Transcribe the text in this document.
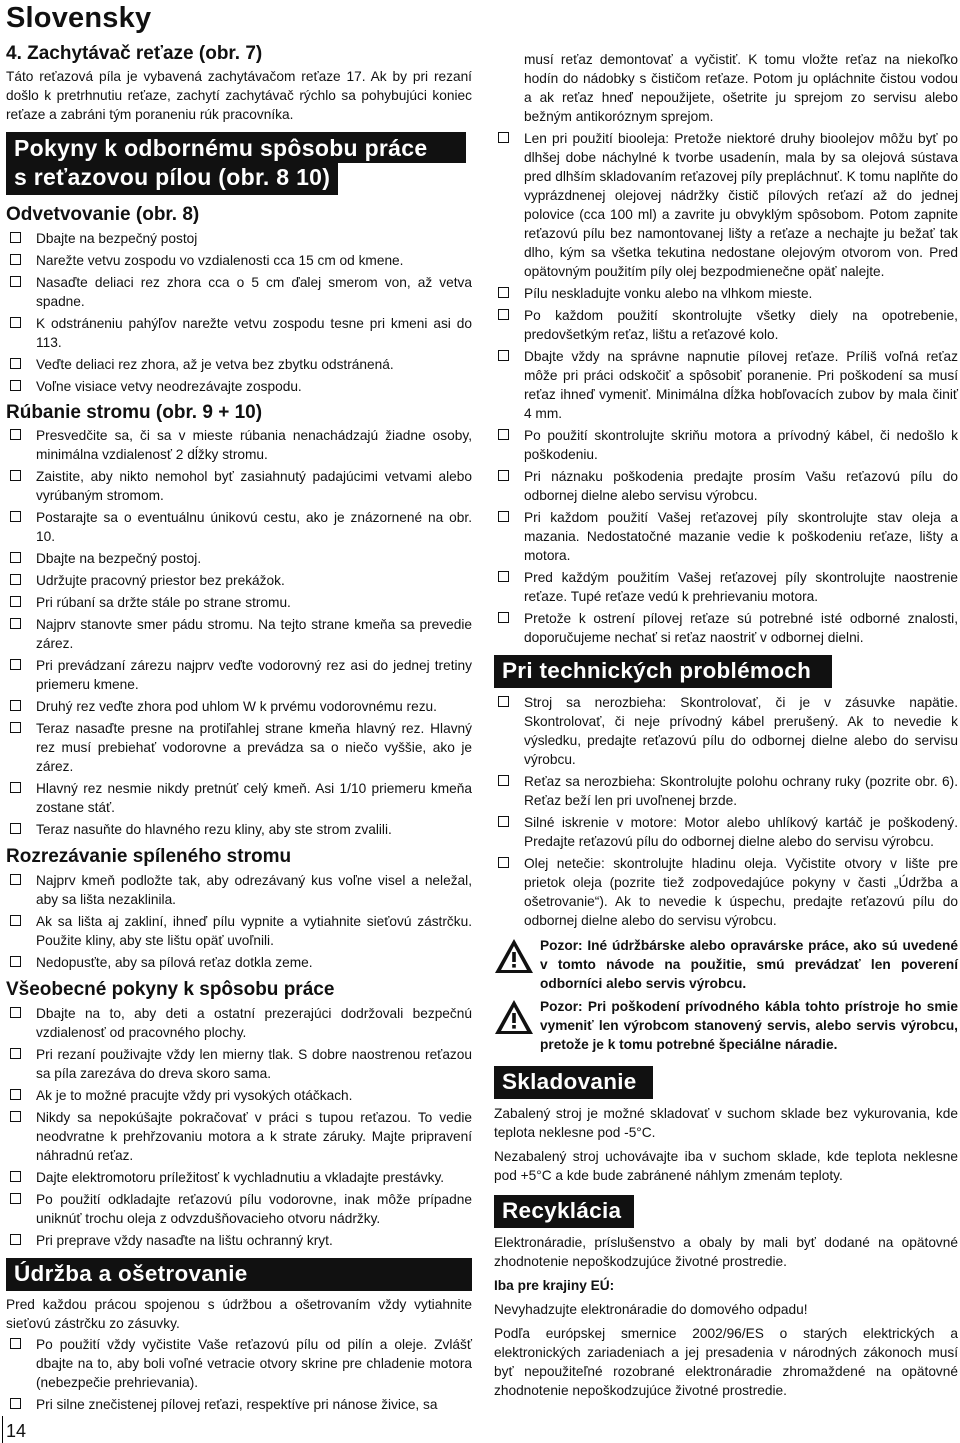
Slovensky
14
4. Zachytávač reťaze (obr. 7)
Táto reťazová píla je vybavená zachytávačom reťaze 17. Ak by pri rezaní došlo k pretrhnutiu reťaze, zachytí zachytávač rýchlo sa pohybujúci koniec reťaze a zabráni tým poraneniu rúk pracovníka.
Pokyny k odbornému spôsobu práce
s reťazovou pílou (obr. 8 10)
Odvetvovanie (obr. 8)
Dbajte na bezpečný postoj
Narežte vetvu zospodu vo vzdialenosti cca 15 cm od kmene.
Nasaďte deliaci rez zhora cca o 5 cm ďalej smerom von, až vetva spadne.
K odstráneniu pahýľov narežte vetvu zospodu tesne pri kmeni asi do 113.
Veďte deliaci rez zhora, až je vetva bez zbytku odstránená.
Voľne visiace vetvy neodrezávajte zospodu.
Rúbanie stromu (obr. 9 + 10)
Presvedčite sa, či sa v mieste rúbania nenachádzajú žiadne osoby, minimálna vzdialenosť 2 dĺžky stromu.
Zaistite, aby nikto nemohol byť zasiahnutý padajúcimi vetvami alebo vyrúbaným stromom.
Postarajte sa o eventuálnu únikovú cestu, ako je znázornené na obr. 10.
Dbajte na bezpečný postoj.
Udržujte pracovný priestor bez prekážok.
Pri rúbaní sa držte stále po strane stromu.
Najprv stanovte smer pádu stromu. Na tejto strane kmeňa sa prevedie zárez.
Pri prevádzaní zárezu najprv veďte vodorovný rez asi do jednej tretiny priemeru kmene.
Druhý rez veďte zhora pod uhlom W k prvému vodorovnému rezu.
Teraz nasaďte presne na protiľahlej strane kmeňa hlavný rez. Hlavný rez musí prebiehať vodorovne a prevádza sa o niečo vyššie, ako je zárez.
Hlavný rez nesmie nikdy pretnúť celý kmeň. Asi 1/10 priemeru kmeňa zostane stáť.
Teraz nasuňte do hlavného rezu kliny, aby ste strom zvalili.
Rozrezávanie spíleného stromu
Najprv kmeň podložte tak, aby odrezávaný kus voľne visel a neležal, aby sa lišta nezaklinila.
Ak sa lišta aj zakliní, ihneď pílu vypnite a vytiahnite sieťovú zástrčku. Použite kliny, aby ste lištu opäť uvoľnili.
Nedopusťte, aby sa pílová reťaz dotkla zeme.
Všeobecné pokyny k spôsobu práce
Dbajte na to, aby deti a ostatní prezerajúci dodržovali bezpečnú vzdialenosť od pracovného plochy.
Pri rezaní použivajte vždy len mierny tlak. S dobre naostrenou reťazou sa píla zarezáva do dreva skoro sama.
Ak je to možné pracujte vždy pri vysokých otáčkach.
Nikdy sa nepokúšajte pokračovať v práci s tupou reťazou. To vedie neodvratne k prehřzovaniu motora a k strate záruky. Majte pripravení náhradnú reťaz.
Dajte elektromotoru príležitosť k vychladnutiu a vkladajte prestávky.
Po použití odkladajte reťazovú pílu vodorovne, inak môže prípadne uniknúť trochu oleja z odvzdušňovacieho otvoru nádržky.
Pri preprave vždy nasaďte na lištu ochranný kryt.
Údržba a ošetrovanie
Pred každou prácou spojenou s údržbou a ošetrovaním vždy vytiahnite sieťovú zástrčku zo zásuvky.
Po použití vždy vyčistite Vaše reťazovú pílu od pilín a oleje. Zvlášť dbajte na to, aby boli voľné vetracie otvory skrine pre chladenie motora (nebezpečie prehrievania).
Pri silne znečistenej pílovej reťazi, respektíve pri nánose živice, sa
musí reťaz demontovať a vyčistiť. K tomu vložte reťaz na niekoľko hodín do nádobky s čističom reťaze. Potom ju opláchnite čistou vodou a ak reťaz hneď nepoužijete, ošetrite ju sprejom zo servisu alebo bežným antikoróznym sprejom.
Len pri použití biooleja: Pretože niektoré druhy bioolejov môžu byť po dlhšej dobe náchylné k tvorbe usadenín, mala by sa olejová sústava pred dlhším skladovaním reťazovej píly prepláchnuť. K tomu naplňte do vyprázdnenej olejovej nádržky čistič pílových reťazí až do jednej polovice (cca 100 ml) a zavrite ju obvyklým spôsobom. Potom zapnite reťazovú pílu bez namontovanej lišty a reťaze a nechajte ju bežať tak dlho, kým sa všetka tekutina nedostane olejovým otvorom von. Pred opätovným použitím píly olej bezpodmienečne opäť nalejte.
Pílu neskladujte vonku alebo na vlhkom mieste.
Po každom použití skontrolujte všetky diely na opotrebenie, predovšetkým reťaz, lištu a reťazové kolo.
Dbajte vždy na správne napnutie pílovej reťaze. Príliš voľná reťaz môže pri práci odskočiť a spôsobiť poranenie. Pri poškodení sa musí reťaz ihneď vymeniť. Minimálna dĺžka hobľovacích zubov by mala činiť 4 mm.
Po použití skontrolujte skriňu motora a prívodný kábel, či nedošlo k poškodeniu.
Pri náznaku poškodenia predajte prosím Vašu reťazovú pílu do odbornej dielne alebo servisu výrobcu.
Pri každom použití Vašej reťazovej píly skontrolujte stav oleja a mazania. Nedostatočné mazanie vedie k poškodeniu reťaze, lišty a motora.
Pred každým použitím Vašej reťazovej píly skontrolujte naostrenie reťaze. Tupé reťaze vedú k prehrievaniu motora.
Pretože k ostrení pílovej reťaze sú potrebné isté odborné znalosti, doporučujeme nechať si reťaz naostriť v odbornej dielni.
Pri technických problémoch
Stroj sa nerozbieha: Skontrolovať, či je v zásuvke napätie. Skontrolovať, či neje prívodný kábel prerušený. Ak to nevedie k výsledku, predajte reťazovú pílu do odbornej dielne alebo do servisu výrobcu.
Reťaz sa nerozbieha: Skontrolujte polohu ochrany ruky (pozrite obr. 6). Reťaz beží len pri uvoľnenej brzde.
Silné iskrenie v motore: Motor alebo uhlíkový kartáč je poškodený. Predajte reťazovú pílu do odbornej dielne alebo do servisu výrobcu.
Olej netečie: skontrolujte hladinu oleja. Vyčistite otvory v lište pre prietok oleja (pozrite tiež zodpovedajúce pokyny v časti „Údržba a ošetrovanie“). Ak to nevedie k úspechu, predajte reťazovú pílu do odbornej dielne alebo do servisu výrobcu.
Pozor: Iné údržbárske alebo opravárske práce, ako sú uvedené v tomto návode na použitie, smú prevádzať len poverení odborníci alebo servis výrobcu.
Pozor: Pri poškodení prívodného kábla tohto prístroje ho smie vymeniť len výrobcom stanovený servis, alebo servis výrobcu, pretože je k tomu potrebné špeciálne náradie.
Skladovanie
Zabalený stroj je možné skladovať v suchom sklade bez vykurovania, kde teplota neklesne pod -5°C.
Nezabalený stroj uchovávajte iba v suchom sklade, kde teplota neklesne pod +5°C a kde bude zabránené náhlym zmenám teploty.
Recyklácia
Elektronáradie, príslušenstvo a obaly by mali byť dodané na opätovné zhodnotenie nepoškodzujúce životné prostredie.
Iba pre krajiny EÚ:
Nevyhadzujte elektronáradie do domového odpadu!
Podľa európskej smernice 2002/96/ES o starých elektrických a elektronických zariadeniach a jej presadenia v národných zákonoch musí byť nepoužiteľné rozobrané elektronáradie zhromaždené na opätovné zhodnotenie nepoškodzujúce životné prostredie.
